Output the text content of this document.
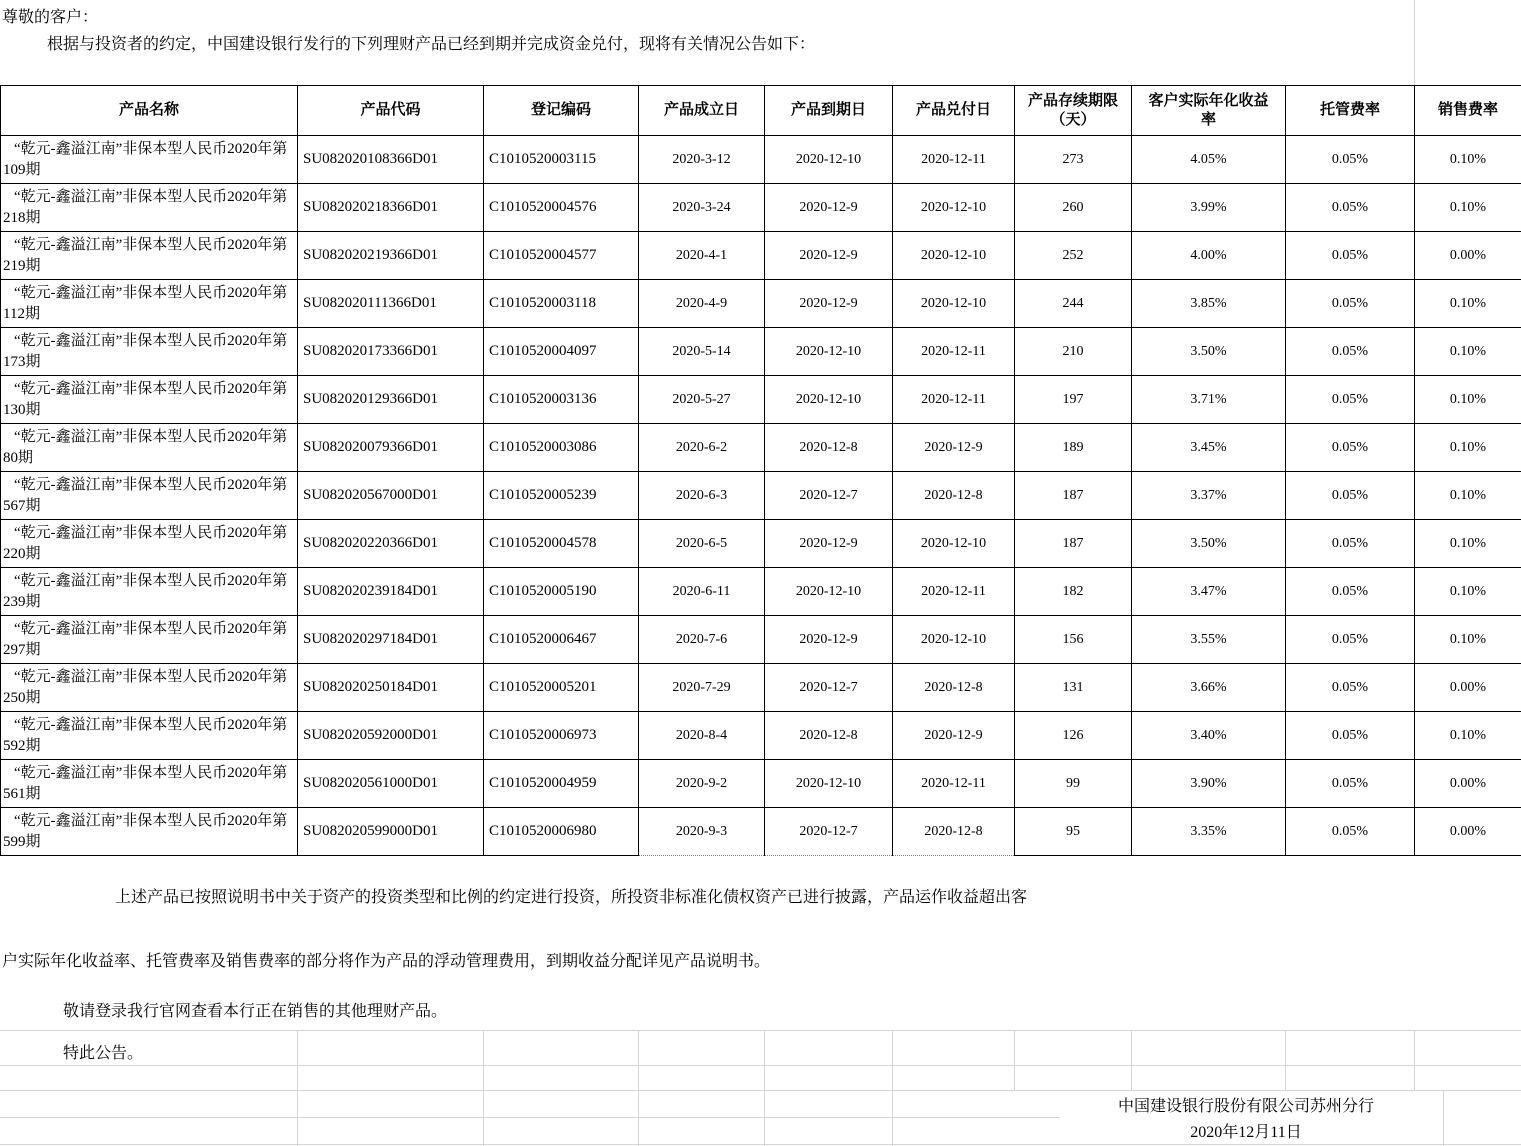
尊敬的客户：
根据与投资者的约定，中国建设银行发行的下列理财产品已经到期并完成资金兑付，现将有关情况公告如下：
产品名称	产品代码	登记编码	产品成立日	产品到期日	产品兑付日	产品存续期限（天）	客户实际年化收益率	托管费率	销售费率
“乾元-鑫溢江南”非保本型人民币2020年第109期	SU082020108366D01	C1010520003115	2020-3-12	2020-12-10	2020-12-11	273	4.05%	0.05%	0.10%
“乾元-鑫溢江南”非保本型人民币2020年第218期	SU082020218366D01	C1010520004576	2020-3-24	2020-12-9	2020-12-10	260	3.99%	0.05%	0.10%
“乾元-鑫溢江南”非保本型人民币2020年第219期	SU082020219366D01	C1010520004577	2020-4-1	2020-12-9	2020-12-10	252	4.00%	0.05%	0.00%
“乾元-鑫溢江南”非保本型人民币2020年第112期	SU082020111366D01	C1010520003118	2020-4-9	2020-12-9	2020-12-10	244	3.85%	0.05%	0.10%
“乾元-鑫溢江南”非保本型人民币2020年第173期	SU082020173366D01	C1010520004097	2020-5-14	2020-12-10	2020-12-11	210	3.50%	0.05%	0.10%
“乾元-鑫溢江南”非保本型人民币2020年第130期	SU082020129366D01	C1010520003136	2020-5-27	2020-12-10	2020-12-11	197	3.71%	0.05%	0.10%
“乾元-鑫溢江南”非保本型人民币2020年第80期	SU082020079366D01	C1010520003086	2020-6-2	2020-12-8	2020-12-9	189	3.45%	0.05%	0.10%
“乾元-鑫溢江南”非保本型人民币2020年第567期	SU082020567000D01	C1010520005239	2020-6-3	2020-12-7	2020-12-8	187	3.37%	0.05%	0.10%
“乾元-鑫溢江南”非保本型人民币2020年第220期	SU082020220366D01	C1010520004578	2020-6-5	2020-12-9	2020-12-10	187	3.50%	0.05%	0.10%
“乾元-鑫溢江南”非保本型人民币2020年第239期	SU082020239184D01	C1010520005190	2020-6-11	2020-12-10	2020-12-11	182	3.47%	0.05%	0.10%
“乾元-鑫溢江南”非保本型人民币2020年第297期	SU082020297184D01	C1010520006467	2020-7-6	2020-12-9	2020-12-10	156	3.55%	0.05%	0.10%
“乾元-鑫溢江南”非保本型人民币2020年第250期	SU082020250184D01	C1010520005201	2020-7-29	2020-12-7	2020-12-8	131	3.66%	0.05%	0.00%
“乾元-鑫溢江南”非保本型人民币2020年第592期	SU082020592000D01	C1010520006973	2020-8-4	2020-12-8	2020-12-9	126	3.40%	0.05%	0.10%
“乾元-鑫溢江南”非保本型人民币2020年第561期	SU082020561000D01	C1010520004959	2020-9-2	2020-12-10	2020-12-11	99	3.90%	0.05%	0.00%
“乾元-鑫溢江南”非保本型人民币2020年第599期	SU082020599000D01	C1010520006980	2020-9-3	2020-12-7	2020-12-8	95	3.35%	0.05%	0.00%
上述产品已按照说明书中关于资产的投资类型和比例的约定进行投资，所投资非标准化债权资产已进行披露，产品运作收益超出客
户实际年化收益率、托管费率及销售费率的部分将作为产品的浮动管理费用，到期收益分配详见产品说明书。
敬请登录我行官网查看本行正在销售的其他理财产品。
特此公告。
中国建设银行股份有限公司苏州分行
2020年12月11日
